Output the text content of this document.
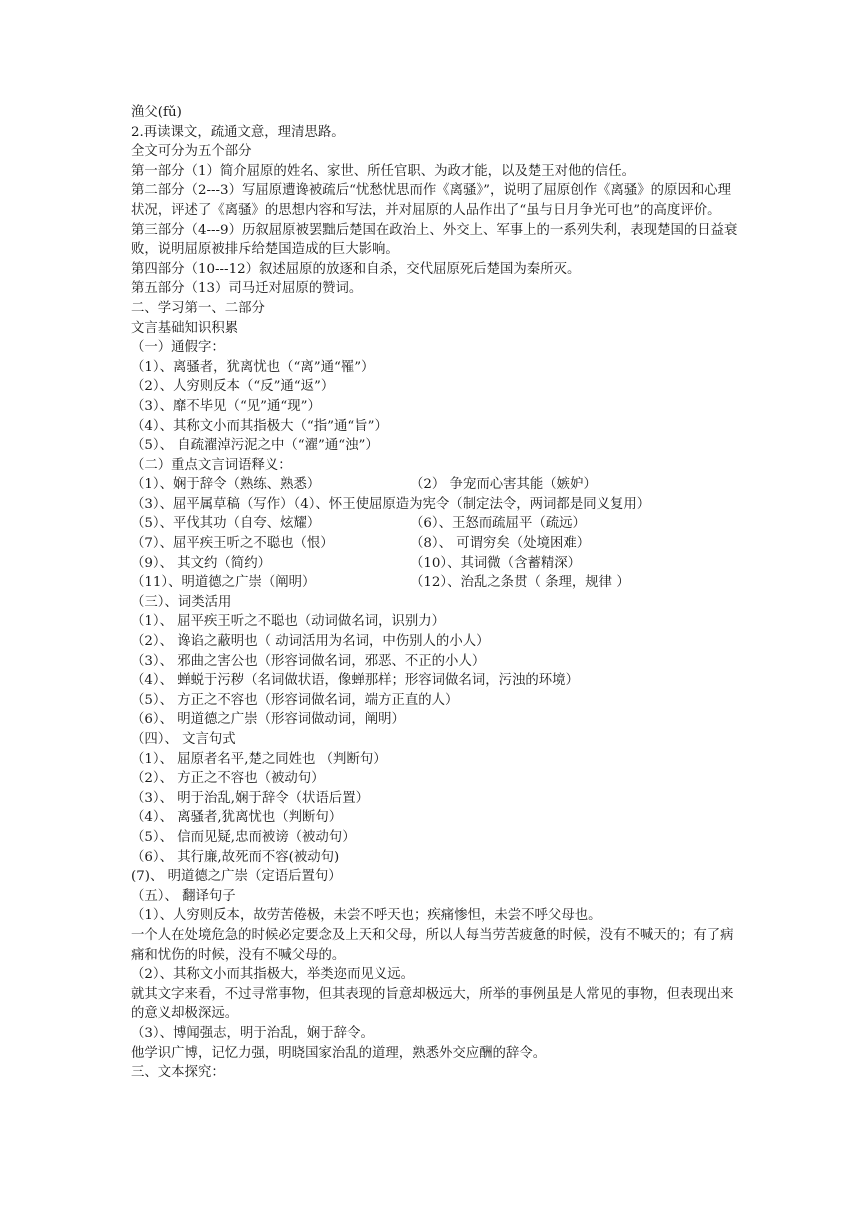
渔父(fǔ)
2.再读课文，疏通文意，理清思路。
全文可分为五个部分
第一部分（1）简介屈原的姓名、家世、所任官职、为政才能，以及楚王对他的信任。
第二部分（2---3）写屈原遭谗被疏后“忧愁忧思而作《离骚》”，说明了屈原创作《离骚》的原因和心理状况，评述了《离骚》的思想内容和写法，并对屈原的人品作出了“虽与日月争光可也”的高度评价。
第三部分（4---9）历叙屈原被罢黜后楚国在政治上、外交上、军事上的一系列失利，表现楚国的日益衰败，说明屈原被排斥给楚国造成的巨大影响。
第四部分（10---12）叙述屈原的放逐和自杀，交代屈原死后楚国为秦所灭。
第五部分（13）司马迁对屈原的赞词。
二、学习第一、二部分
文言基础知识积累
（一）通假字：
（1）、离骚者，犹离忧也（“离”通“罹”）
（2）、人穷则反本（“反”通“返”）
（3）、靡不毕见（“见”通“现”）
（4）、其称文小而其指极大（“指”通“旨”）
（5）、 自疏濯淖污泥之中（“濯”通“浊”）
（二）重点文言词语释义：
（1）、娴于辞令（熟练、熟悉）	（2） 争宠而心害其能（嫉妒）
（3）、屈平属草稿（写作）（4）、怀王使屈原造为宪令（制定法令，两词都是同义复用）
（5）、平伐其功（自夸、炫耀）	（6）、王怒而疏屈平（疏远）
（7）、屈平疾王听之不聪也（恨）	（8）、 可谓穷矣（处境困难）
（9）、 其文约（简约）	（10）、其词微（含蓄精深）
（11）、明道德之广崇（阐明）	（12）、治乱之条贯（ 条理，规律 ）
（三）、词类活用
（1）、 屈平疾王听之不聪也（动词做名词，识别力）
（2）、 谗谄之蔽明也（ 动词活用为名词，中伤别人的小人）
（3）、 邪曲之害公也（形容词做名词，邪恶、不正的小人）
（4）、 蝉蜕于污秽（名词做状语，像蝉那样；形容词做名词，污浊的环境）
（5）、 方正之不容也（形容词做名词，端方正直的人）
（6）、 明道德之广崇（形容词做动词，阐明）
（四）、 文言句式
（1）、 屈原者名平,楚之同姓也 （判断句）
（2）、 方正之不容也（被动句）
（3）、 明于治乱,娴于辞令（状语后置）
（4）、 离骚者,犹离忧也（判断句）
（5）、 信而见疑,忠而被谤（被动句）
（6）、 其行廉,故死而不容(被动句)
(7)、 明道德之广崇（定语后置句）
（五）、 翻译句子
（1）、人穷则反本，故劳苦倦极，未尝不呼天也；疾痛惨怛，未尝不呼父母也。
一个人在处境危急的时候必定要念及上天和父母，所以人每当劳苦疲惫的时候，没有不喊天的；有了病痛和忧伤的时候，没有不喊父母的。
（2）、其称文小而其指极大，举类迩而见义远。
就其文字来看，不过寻常事物，但其表现的旨意却极远大，所举的事例虽是人常见的事物，但表现出来的意义却极深远。
（3）、博闻强志，明于治乱，娴于辞令。
他学识广博，记忆力强，明晓国家治乱的道理，熟悉外交应酬的辞令。
三、文本探究：
